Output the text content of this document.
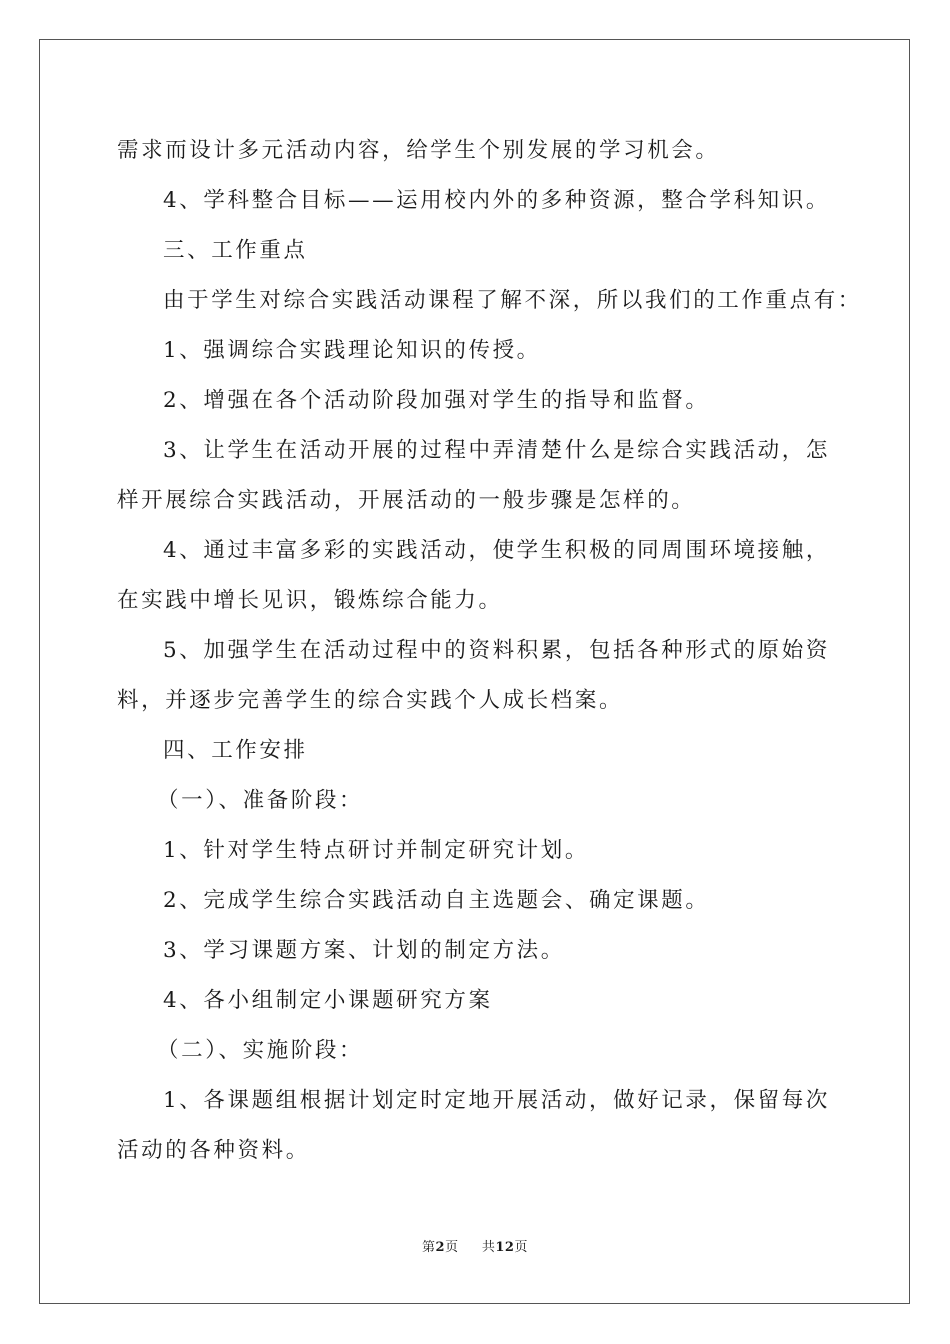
需求而设计多元活动内容，给学生个别发展的学习机会。
4、学科整合目标——运用校内外的多种资源，整合学科知识。
三、工作重点
由于学生对综合实践活动课程了解不深，所以我们的工作重点有：
1、强调综合实践理论知识的传授。
2、增强在各个活动阶段加强对学生的指导和监督。
3、让学生在活动开展的过程中弄清楚什么是综合实践活动，怎
样开展综合实践活动，开展活动的一般步骤是怎样的。
4、通过丰富多彩的实践活动，使学生积极的同周围环境接触，
在实践中增长见识，锻炼综合能力。
5、加强学生在活动过程中的资料积累，包括各种形式的原始资
料，并逐步完善学生的综合实践个人成长档案。
四、工作安排
（一）、准备阶段：
1、针对学生特点研讨并制定研究计划。
2、完成学生综合实践活动自主选题会、确定课题。
3、学习课题方案、计划的制定方法。
4、各小组制定小课题研究方案
（二）、实施阶段：
1、各课题组根据计划定时定地开展活动，做好记录，保留每次
活动的各种资料。
第2页 共12页
